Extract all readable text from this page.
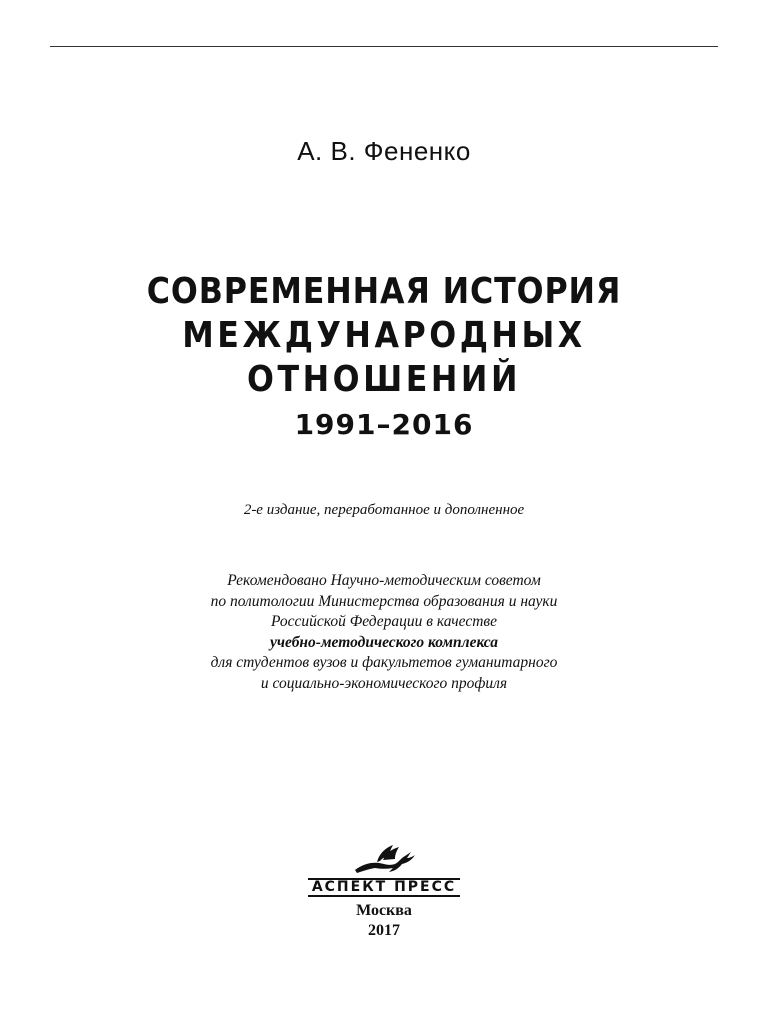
А. В. Фененко
СОВРЕМЕННАЯ ИСТОРИЯ
МЕЖДУНАРОДНЫХ
ОТНОШЕНИЙ
1991–2016
2-е издание, переработанное и дополненное
Рекомендовано Научно-методическим советом
по политологии Министерства образования и науки
Российской Федерации в качестве
учебно-методического комплекса
для студентов вузов и факультетов гуманитарного
и социально-экономического профиля
АСПЕКТ ПРЕСС
Москва
2017
